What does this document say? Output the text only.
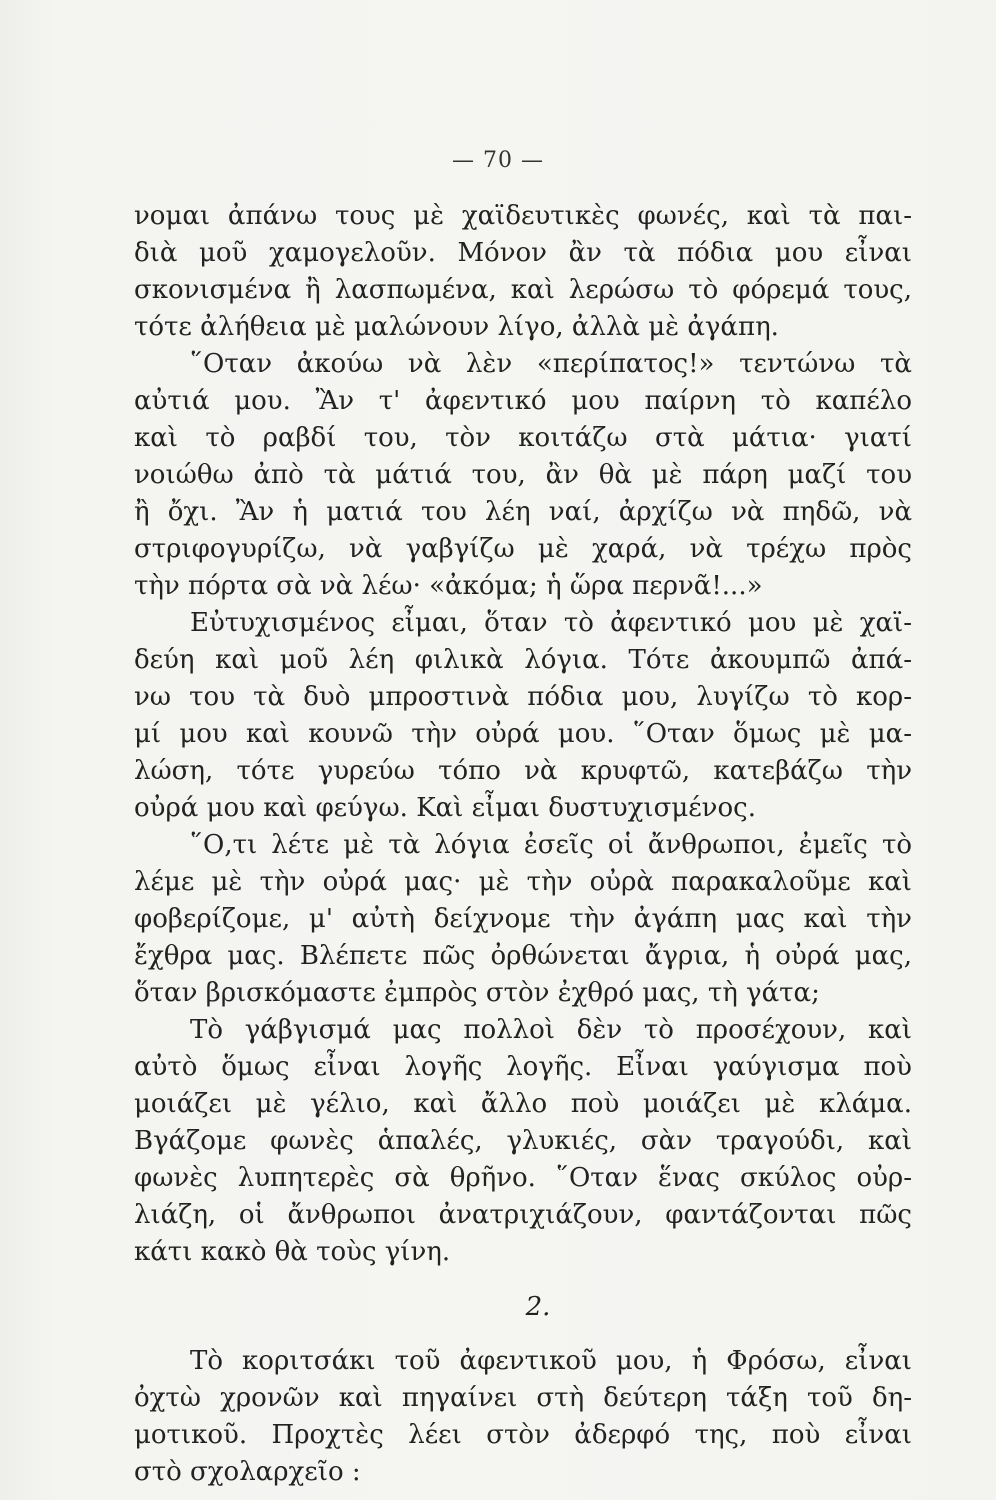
— 70 —
νομαι ἀπάνω τους μὲ χαϊδευτικὲς φωνές, καὶ τὰ παι-
διὰ μοῦ χαμογελοῦν. Μόνον ἂν τὰ πόδια μου εἶναι
σκονισμένα ἢ λασπωμένα, καὶ λερώσω τὸ φόρεμά τους,
τότε ἀλήθεια μὲ μαλώνουν λίγο, ἀλλὰ μὲ ἀγάπη.
῞Οταν ἀκούω νὰ λὲν «περίπατος!» τεντώνω τὰ
αὐτιά μου. Ἂν τ' ἀφεντικό μου παίρνη τὸ καπέλο
καὶ τὸ ραβδί του, τὸν κοιτάζω στὰ μάτια· γιατί
νοιώθω ἀπὸ τὰ μάτιά του, ἂν θὰ μὲ πάρη μαζί του
ἢ ὄχι. Ἂν ἡ ματιά του λέη ναί, ἀρχίζω νὰ πηδῶ, νὰ
στριφογυρίζω, νὰ γαβγίζω μὲ χαρά, νὰ τρέχω πρὸς
τὴν πόρτα σὰ νὰ λέω· «ἀκόμα; ἡ ὥρα περνᾶ!...»
Εὐτυχισμένος εἶμαι, ὅταν τὸ ἀφεντικό μου μὲ χαϊ-
δεύη καὶ μοῦ λέη φιλικὰ λόγια. Τότε ἀκουμπῶ ἀπά-
νω του τὰ δυὸ μπροστινὰ πόδια μου, λυγίζω τὸ κορ-
μί μου καὶ κουνῶ τὴν οὐρά μου. ῞Οταν ὅμως μὲ μα-
λώση, τότε γυρεύω τόπο νὰ κρυφτῶ, κατεβάζω τὴν
οὐρά μου καὶ φεύγω. Καὶ εἶμαι δυστυχισμένος.
῞Ο,τι λέτε μὲ τὰ λόγια ἐσεῖς οἱ ἄνθρωποι, ἐμεῖς τὸ
λέμε μὲ τὴν οὐρά μας· μὲ τὴν οὐρὰ παρακαλοῦμε καὶ
φοβερίζομε, μ' αὐτὴ δείχνομε τὴν ἀγάπη μας καὶ τὴν
ἔχθρα μας. Βλέπετε πῶς ὀρθώνεται ἄγρια, ἡ οὐρά μας,
ὅταν βρισκόμαστε ἐμπρὸς στὸν ἐχθρό μας, τὴ γάτα;
Τὸ γάβγισμά μας πολλοὶ δὲν τὸ προσέχουν, καὶ
αὐτὸ ὅμως εἶναι λογῆς λογῆς. Εἶναι γαύγισμα ποὺ
μοιάζει μὲ γέλιο, καὶ ἄλλο ποὺ μοιάζει μὲ κλάμα.
Βγάζομε φωνὲς ἁπαλές, γλυκιές, σὰν τραγούδι, καὶ
φωνὲς λυπητερὲς σὰ θρῆνο. ῞Οταν ἕνας σκύλος οὐρ-
λιάζη, οἱ ἄνθρωποι ἀνατριχιάζουν, φαντάζονται πῶς
κάτι κακὸ θὰ τοὺς γίνη.
2.
Τὸ κοριτσάκι τοῦ ἀφεντικοῦ μου, ἡ Φρόσω, εἶναι
ὀχτὼ χρονῶν καὶ πηγαίνει στὴ δεύτερη τάξη τοῦ δη-
μοτικοῦ. Προχτὲς λέει στὸν ἀδερφό της, ποὺ εἶναι
στὸ σχολαρχεῖο :
